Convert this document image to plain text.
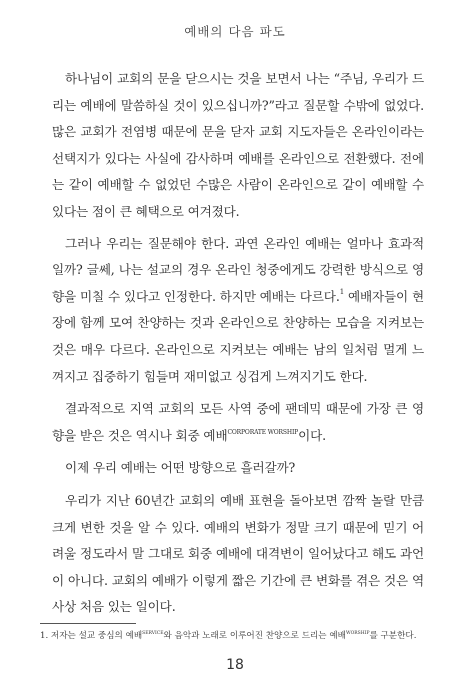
예배의 다음 파도

하나님이 교회의 문을 닫으시는 것을 보면서 나는 “주님, 우리가 드리는 예배에 말씀하실 것이 있으십니까?”라고 질문할 수밖에 없었다. 많은 교회가 전염병 때문에 문을 닫자 교회 지도자들은 온라인이라는 선택지가 있다는 사실에 감사하며 예배를 온라인으로 전환했다. 전에는 같이 예배할 수 없었던 수많은 사람이 온라인으로 같이 예배할 수 있다는 점이 큰 혜택으로 여겨졌다.

그러나 우리는 질문해야 한다. 과연 온라인 예배는 얼마나 효과적일까? 글쎄, 나는 설교의 경우 온라인 청중에게도 강력한 방식으로 영향을 미칠 수 있다고 인정한다. 하지만 예배는 다르다.$^1$ 예배자들이 현장에 함께 모여 찬양하는 것과 온라인으로 찬양하는 모습을 지켜보는 것은 매우 다르다. 온라인으로 지켜보는 예배는 남의 일처럼 멀게 느껴지고 집중하기 힘들며 재미없고 싱겁게 느껴지기도 한다.

결과적으로 지역 교회의 모든 사역 중에 팬데믹 때문에 가장 큰 영향을 받은 것은 역시나 회중 예배$^{CORPORATE WORSHIP}$이다.

이제 우리 예배는 어떤 방향으로 흘러갈까?

우리가 지난 60년간 교회의 예배 표현을 돌아보면 깜짝 놀랄 만큼 크게 변한 것을 알 수 있다. 예배의 변화가 정말 크기 때문에 믿기 어려울 정도라서 말 그대로 회중 예배에 대격변이 일어났다고 해도 과언이 아니다. 교회의 예배가 이렇게 짧은 기간에 큰 변화를 겪은 것은 역사상 처음 있는 일이다.

1. 저자는 설교 중심의 예배$^{SERVICE}$와 음악과 노래로 이루어진 찬양으로 드리는 예배$^{WORSHIP}$를 구분한다.
18
